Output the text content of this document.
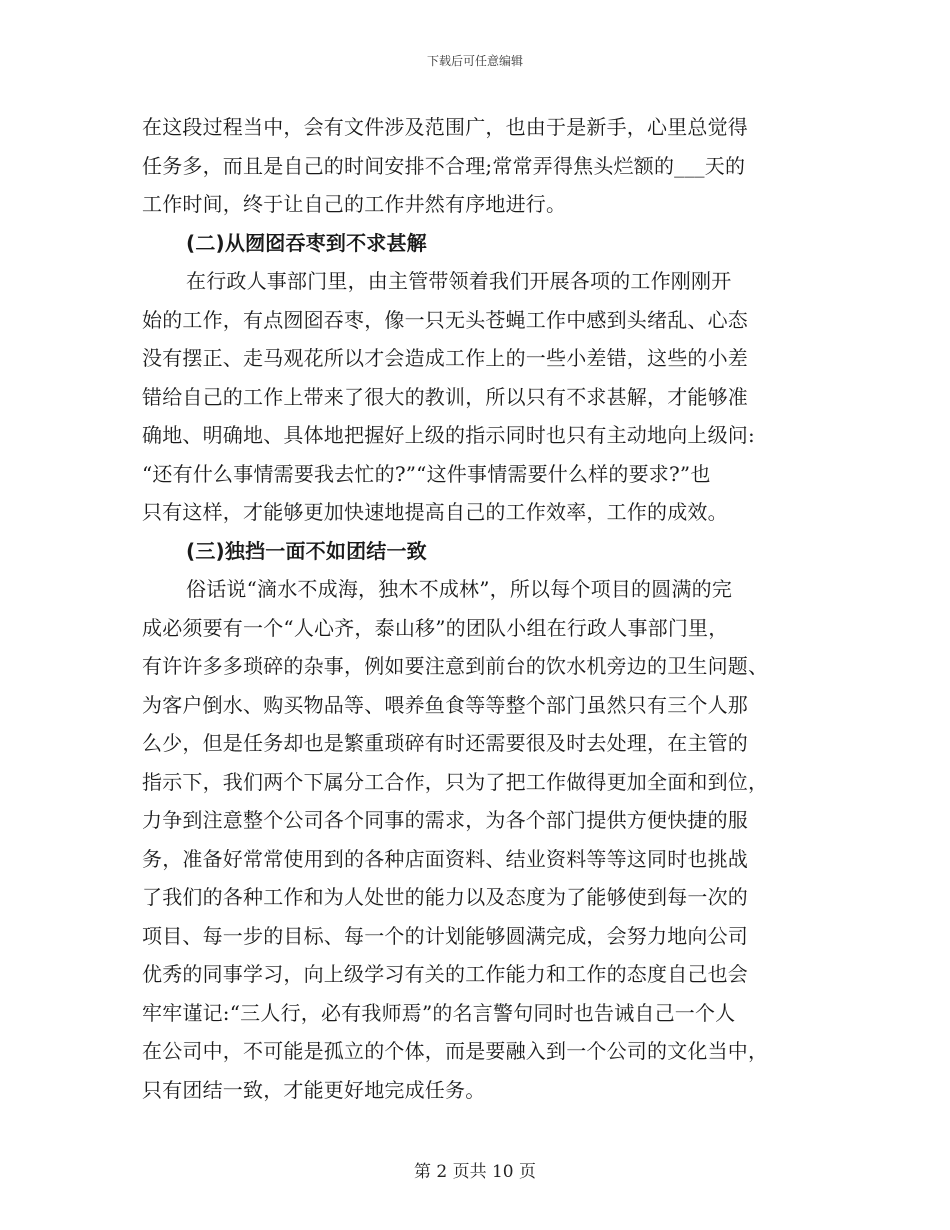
下载后可任意编辑
在这段过程当中，会有文件涉及范围广，也由于是新手，心里总觉得
任务多，而且是自己的时间安排不合理;常常弄得焦头烂额的___天的
工作时间，终于让自己的工作井然有序地进行。
(二)从囫囵吞枣到不求甚解
在行政人事部门里，由主管带领着我们开展各项的工作刚刚开
始的工作，有点囫囵吞枣，像一只无头苍蝇工作中感到头绪乱、心态
没有摆正、走马观花所以才会造成工作上的一些小差错，这些的小差
错给自己的工作上带来了很大的教训，所以只有不求甚解，才能够准
确地、明确地、具体地把握好上级的指示同时也只有主动地向上级问:
“还有什么事情需要我去忙的?”“这件事情需要什么样的要求?”也
只有这样，才能够更加快速地提高自己的工作效率，工作的成效。
(三)独挡一面不如团结一致
俗话说“滴水不成海，独木不成林”，所以每个项目的圆满的完
成必须要有一个“人心齐，泰山移”的团队小组在行政人事部门里，
有许许多多琐碎的杂事，例如要注意到前台的饮水机旁边的卫生问题、
为客户倒水、购买物品等、喂养鱼食等等整个部门虽然只有三个人那
么少，但是任务却也是繁重琐碎有时还需要很及时去处理，在主管的
指示下，我们两个下属分工合作，只为了把工作做得更加全面和到位，
力争到注意整个公司各个同事的需求，为各个部门提供方便快捷的服
务，准备好常常使用到的各种店面资料、结业资料等等这同时也挑战
了我们的各种工作和为人处世的能力以及态度为了能够使到每一次的
项目、每一步的目标、每一个的计划能够圆满完成，会努力地向公司
优秀的同事学习，向上级学习有关的工作能力和工作的态度自己也会
牢牢谨记:“三人行，必有我师焉”的名言警句同时也告诫自己一个人
在公司中，不可能是孤立的个体，而是要融入到一个公司的文化当中，
只有团结一致，才能更好地完成任务。
第 2 页共 10 页
